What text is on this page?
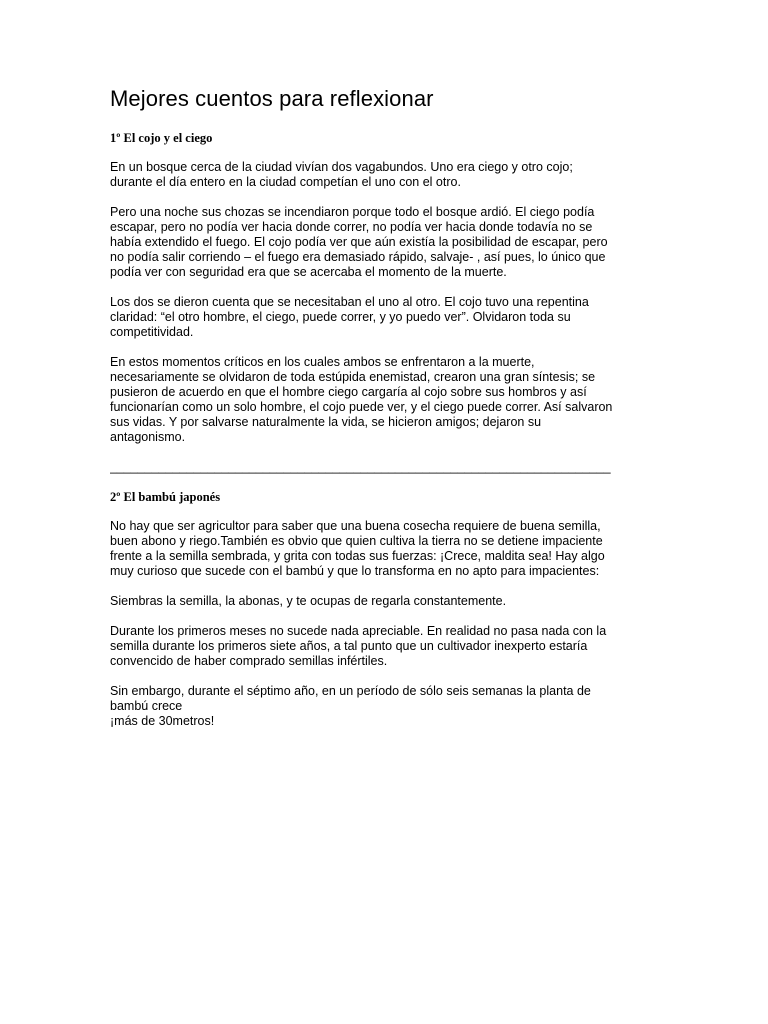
Mejores cuentos para reflexionar
1º El cojo y el ciego

En un bosque cerca de la ciudad vivían dos vagabundos. Uno era ciego y otro cojo;
durante el día entero en la ciudad competían el uno con el otro.

Pero una noche sus chozas se incendiaron porque todo el bosque ardió. El ciego podía
escapar, pero no podía ver hacia donde correr, no podía ver hacia donde todavía no se
había extendido el fuego. El cojo podía ver que aún existía la posibilidad de escapar, pero
no podía salir corriendo – el fuego era demasiado rápido, salvaje- , así pues, lo único que
podía ver con seguridad era que se acercaba el momento de la muerte.

Los dos se dieron cuenta que se necesitaban el uno al otro. El cojo tuvo una repentina
claridad: “el otro hombre, el ciego, puede correr, y yo puedo ver”. Olvidaron toda su
competitividad.

En estos momentos críticos en los cuales ambos se enfrentaron a la muerte,
necesariamente se olvidaron de toda estúpida enemistad, crearon una gran síntesis; se
pusieron de acuerdo en que el hombre ciego cargaría al cojo sobre sus hombros y así
funcionarían como un solo hombre, el cojo puede ver, y el ciego puede correr. Así salvaron
sus vidas. Y por salvarse naturalmente la vida, se hicieron amigos; dejaron su
antagonismo.

________________________________________________________________________
2º El bambú japonés

No hay que ser agricultor para saber que una buena cosecha requiere de buena semilla,
buen abono y riego.También es obvio que quien cultiva la tierra no se detiene impaciente
frente a la semilla sembrada, y grita con todas sus fuerzas: ¡Crece, maldita sea! Hay algo
muy curioso que sucede con el bambú y que lo transforma en no apto para impacientes:

Siembras la semilla, la abonas, y te ocupas de regarla constantemente.

Durante los primeros meses no sucede nada apreciable. En realidad no pasa nada con la
semilla durante los primeros siete años, a tal punto que un cultivador inexperto estaría
convencido de haber comprado semillas infértiles.

Sin embargo, durante el séptimo año, en un período de sólo seis semanas la planta de
bambú crece
¡más de 30metros!
